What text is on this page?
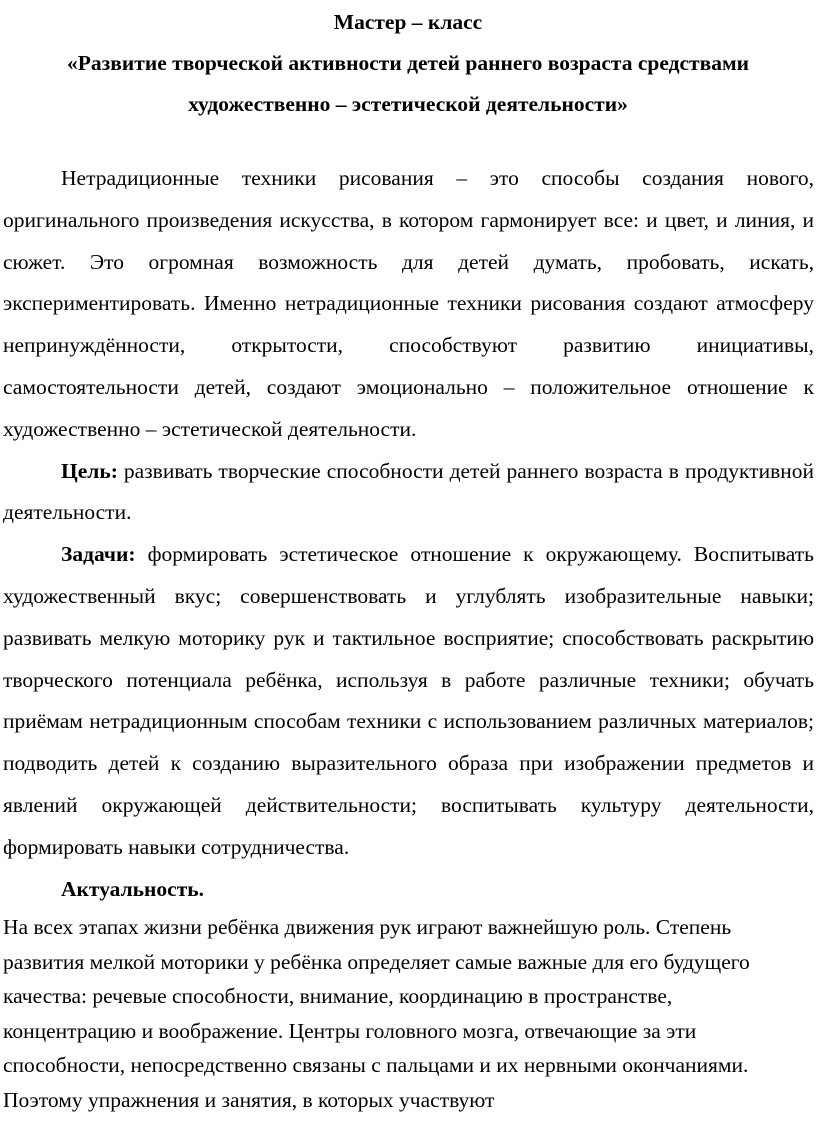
Мастер – класс
«Развитие творческой активности детей раннего возраста средствами
художественно – эстетической деятельности»

Нетрадиционные техники рисования – это способы создания нового, оригинального произведения искусства, в котором гармонирует все: и цвет, и линия, и сюжет. Это огромная возможность для детей думать, пробовать, искать, экспериментировать. Именно нетрадиционные техники рисования создают атмосферу непринуждённости, открытости, способствуют развитию инициативы, самостоятельности детей, создают эмоционально – положительное отношение к художественно – эстетической деятельности.

Цель: развивать творческие способности детей раннего возраста в продуктивной деятельности.

Задачи: формировать эстетическое отношение к окружающему. Воспитывать художественный вкус; совершенствовать и углублять изобразительные навыки; развивать мелкую моторику рук и тактильное восприятие; способствовать раскрытию творческого потенциала ребёнка, используя в работе различные техники; обучать приёмам нетрадиционным способам техники с использованием различных материалов; подводить детей к созданию выразительного образа при изображении предметов и явлений окружающей действительности; воспитывать культуру деятельности, формировать навыки сотрудничества.

Актуальность.

На всех этапах жизни ребёнка движения рук играют важнейшую роль. Степень развития мелкой моторики у ребёнка определяет самые важные для его будущего качества: речевые способности, внимание, координацию в пространстве, концентрацию и воображение. Центры головного мозга, отвечающие за эти способности, непосредственно связаны с пальцами и их нервными окончаниями. Поэтому упражнения и занятия, в которых участвуют
